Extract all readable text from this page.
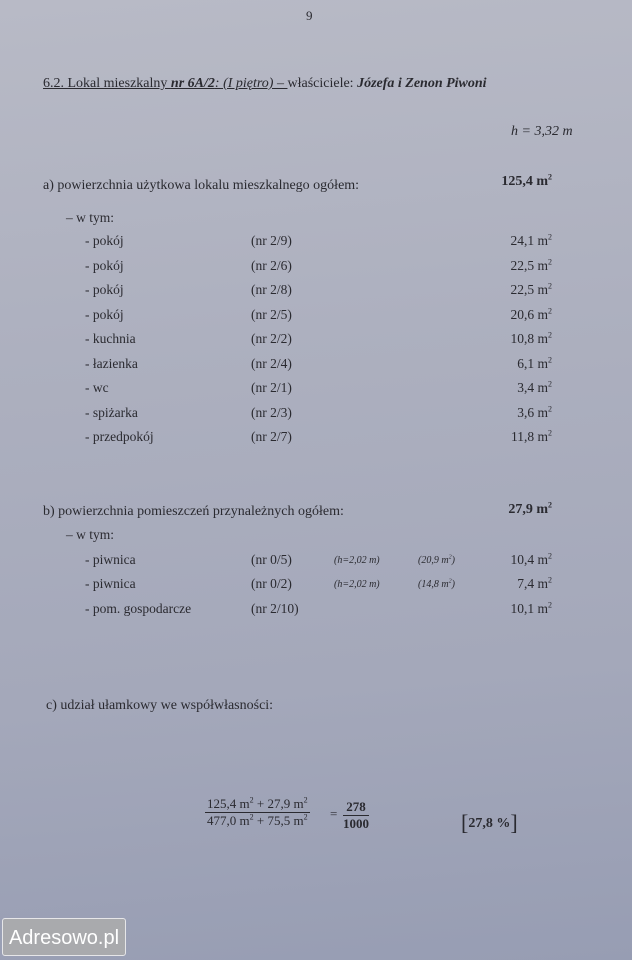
9
6.2. Lokal mieszkalny nr 6A/2: (I piętro) – właściciele: Józefa i Zenon Piwoni
h = 3,32 m
a) powierzchnia użytkowa lokalu mieszkalnego ogółem:	125,4 $m^2$
– w tym:
- pokój	(nr 2/9)	24,1 $m^2$
- pokój	(nr 2/6)	22,5 $m^2$
- pokój	(nr 2/8)	22,5 $m^2$
- pokój	(nr 2/5)	20,6 $m^2$
- kuchnia	(nr 2/2)	10,8 $m^2$
- łazienka	(nr 2/4)	6,1 $m^2$
- wc	(nr 2/1)	3,4 $m^2$
- spiżarka	(nr 2/3)	3,6 $m^2$
- przedpokój	(nr 2/7)	11,8 $m^2$
b) powierzchnia pomieszczeń przynależnych ogółem:	27,9 $m^2$
– w tym:
- piwnica	(nr 0/5)	(h=2,02 m)	(20,9 $m^2$)	10,4 $m^2$
- piwnica	(nr 0/2)	(h=2,02 m)	(14,8 $m^2$)	7,4 $m^2$
- pom. gospodarcze	(nr 2/10)	10,1 $m^2$
c) udział ułamkowy we współwłasności:
$\frac{125,4 m^2 + 27,9 m^2}{477,0 m^2 + 75,5 m^2} = \frac{278}{1000}$	[27,8 %]
Adresowo.pl
